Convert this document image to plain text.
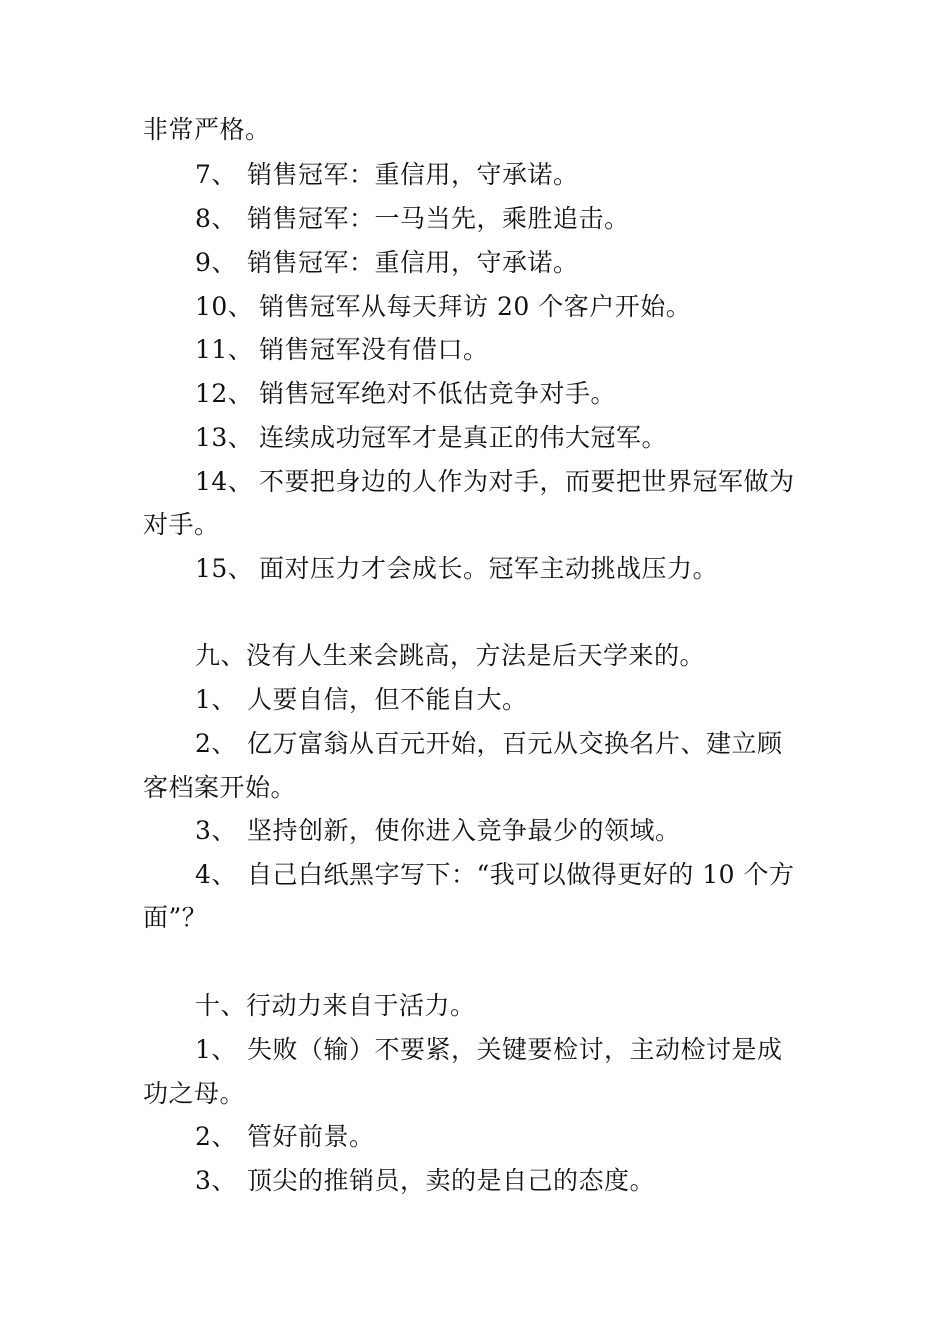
非常严格。
7、 销售冠军：重信用，守承诺。
8、 销售冠军：一马当先，乘胜追击。
9、 销售冠军：重信用，守承诺。
10、 销售冠军从每天拜访 20 个客户开始。
11、 销售冠军没有借口。
12、 销售冠军绝对不低估竞争对手。
13、 连续成功冠军才是真正的伟大冠军。
14、 不要把身边的人作为对手，而要把世界冠军做为
对手。
15、 面对压力才会成长。冠军主动挑战压力。
九、没有人生来会跳高，方法是后天学来的。
1、 人要自信，但不能自大。
2、 亿万富翁从百元开始，百元从交换名片、建立顾
客档案开始。
3、 坚持创新，使你进入竞争最少的领域。
4、 自己白纸黑字写下：“我可以做得更好的 10 个方
面”？
十、行动力来自于活力。
1、 失败（输）不要紧，关键要检讨，主动检讨是成
功之母。
2、 管好前景。
3、 顶尖的推销员，卖的是自己的态度。
